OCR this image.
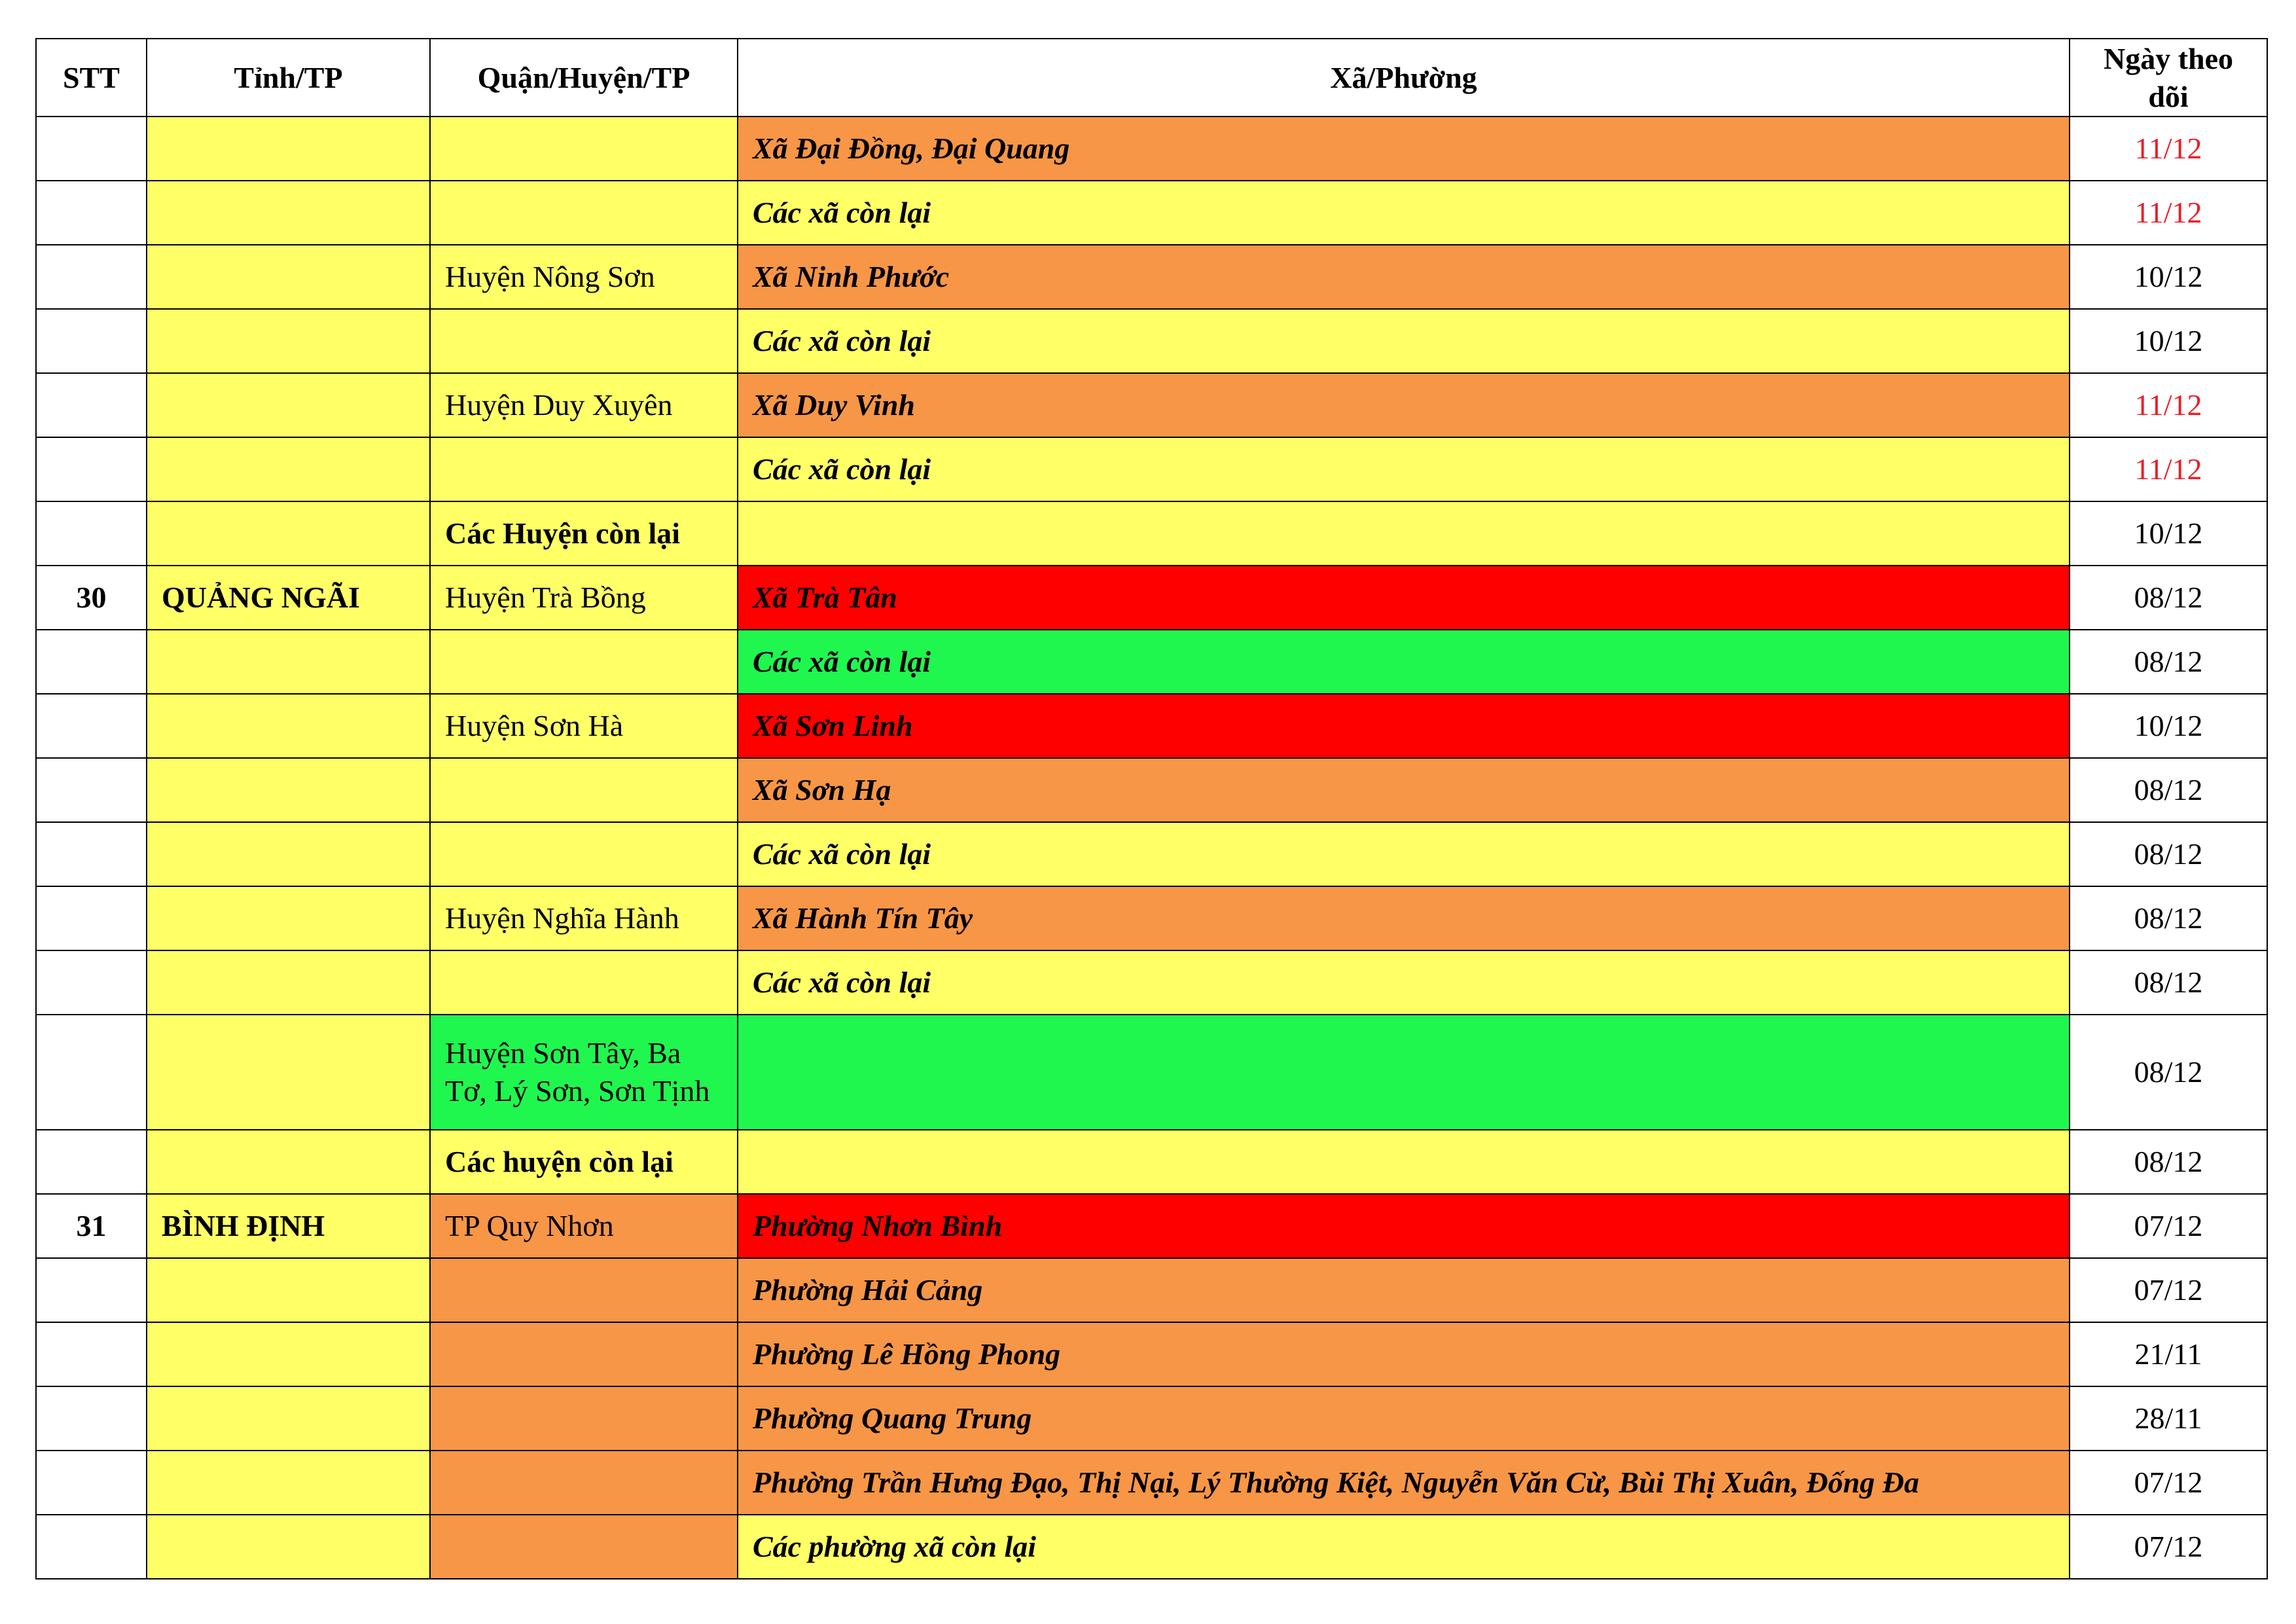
STT	Tỉnh/TP	Quận/Huyện/TP	Xã/Phường	Ngày theo dõi
			Xã Đại Đồng, Đại Quang	11/12
			Các xã còn lại	11/12
		Huyện Nông Sơn	Xã Ninh Phước	10/12
			Các xã còn lại	10/12
		Huyện Duy Xuyên	Xã Duy Vinh	11/12
			Các xã còn lại	11/12
		Các Huyện còn lại		10/12
30	QUẢNG NGÃI	Huyện Trà Bồng	Xã Trà Tân	08/12
			Các xã còn lại	08/12
		Huyện Sơn Hà	Xã Sơn Linh	10/12
			Xã Sơn Hạ	08/12
			Các xã còn lại	08/12
		Huyện Nghĩa Hành	Xã Hành Tín Tây	08/12
			Các xã còn lại	08/12
		Huyện Sơn Tây, Ba Tơ, Lý Sơn, Sơn Tịnh		08/12
		Các huyện còn lại		08/12
31	BÌNH ĐỊNH	TP Quy Nhơn	Phường Nhơn Bình	07/12
			Phường Hải Cảng	07/12
			Phường Lê Hồng Phong	21/11
			Phường Quang Trung	28/11
			Phường Trần Hưng Đạo, Thị Nại, Lý Thường Kiệt, Nguyễn Văn Cừ, Bùi Thị Xuân, Đống Đa	07/12
			Các phường xã còn lại	07/12
